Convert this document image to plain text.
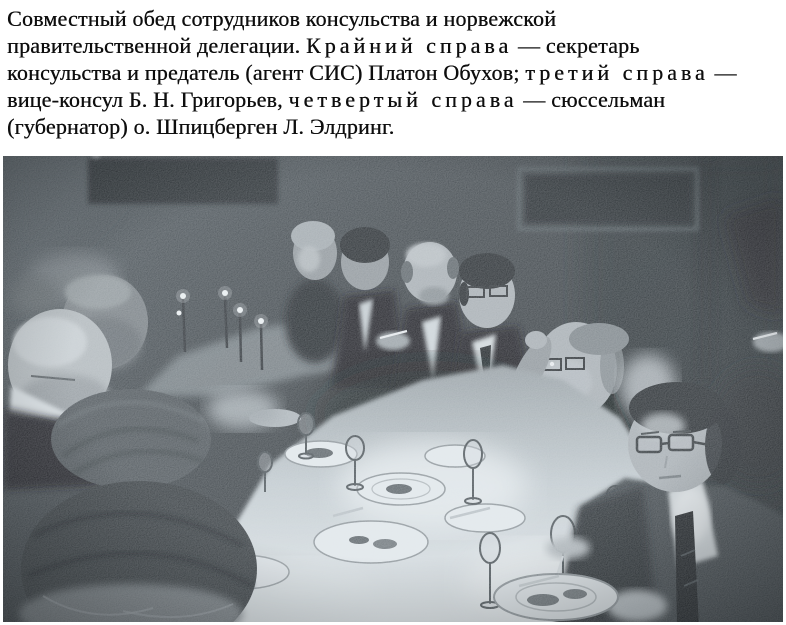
Совместный обед сотрудников консульства и норвежской
правительственной делегации. Крайний справа — секретарь
консульства и предатель (агент СИС) Платон Обухов; третий справа —
вице-консул Б. Н. Григорьев, четвертый справа — сюссельман
(губернатор) о. Шпицберген Л. Элдринг.
